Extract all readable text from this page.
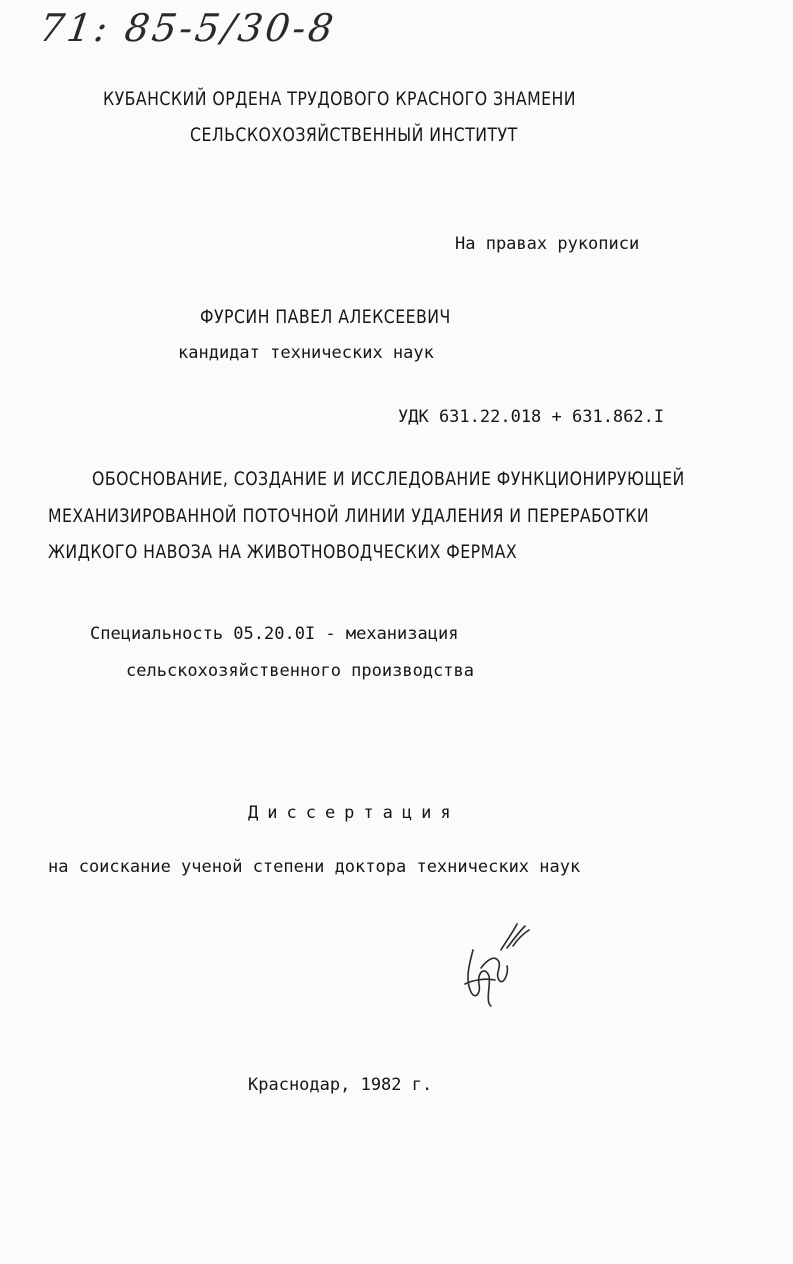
71: 85-5/30-8
КУБАНСКИЙ ОРДЕНА ТРУДОВОГО КРАСНОГО ЗНАМЕНИ
СЕЛЬСКОХОЗЯЙСТВЕННЫЙ ИНСТИТУТ
На правах рукописи
ФУРСИН ПАВЕЛ АЛЕКСЕЕВИЧ
кандидат технических наук
УДК 631.22.018 + 631.862.I
ОБОСНОВАНИЕ, СОЗДАНИЕ И ИССЛЕДОВАНИЕ ФУНКЦИОНИРУЮЩЕЙ
МЕХАНИЗИРОВАННОЙ ПОТОЧНОЙ ЛИНИИ УДАЛЕНИЯ И ПЕРЕРАБОТКИ
ЖИДКОГО НАВОЗА НА ЖИВОТНОВОДЧЕСКИХ ФЕРМАХ
Специальность 05.20.0I - механизация
сельскохозяйственного производства
Диссертация
на соискание ученой степени доктора технических наук
Краснодар, 1982 г.
